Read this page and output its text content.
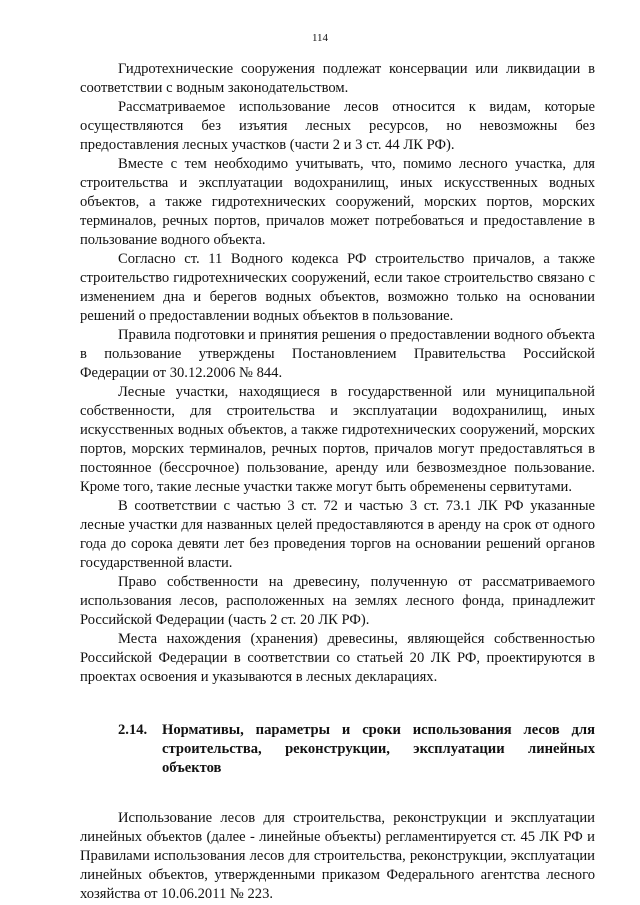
114

Гидротехнические сооружения подлежат консервации или ликвидации в соответствии с водным законодательством.

Рассматриваемое использование лесов относится к видам, которые осуществляются без изъятия лесных ресурсов, но невозможны без предоставления лесных участков (части 2 и 3 ст. 44 ЛК РФ).

Вместе с тем необходимо учитывать, что, помимо лесного участка, для строительства и эксплуатации водохранилищ, иных искусственных водных объектов, а также гидротехнических сооружений, морских портов, морских терминалов, речных портов, причалов может потребоваться и предоставление в пользование водного объекта.

Согласно ст. 11 Водного кодекса РФ строительство причалов, а также строительство гидротехнических сооружений, если такое строительство связано с изменением дна и берегов водных объектов, возможно только на основании решений о предоставлении водных объектов в пользование.

Правила подготовки и принятия решения о предоставлении водного объекта в пользование утверждены Постановлением Правительства Российской Федерации от 30.12.2006 № 844.

Лесные участки, находящиеся в государственной или муниципальной собственности, для строительства и эксплуатации водохранилищ, иных искусственных водных объектов, а также гидротехнических сооружений, морских портов, морских терминалов, речных портов, причалов могут предоставляться в постоянное (бессрочное) пользование, аренду или безвозмездное пользование. Кроме того, такие лесные участки также могут быть обременены сервитутами.

В соответствии с частью 3 ст. 72 и частью 3 ст. 73.1 ЛК РФ указанные лесные участки для названных целей предоставляются в аренду на срок от одного года до сорока девяти лет без проведения торгов на основании решений органов государственной власти.

Право собственности на древесину, полученную от рассматриваемого использования лесов, расположенных на землях лесного фонда, принадлежит Российской Федерации (часть 2 ст. 20 ЛК РФ).

Места нахождения (хранения) древесины, являющейся собственностью Российской Федерации в соответствии со статьей 20 ЛК РФ, проектируются в проектах освоения и указываются в лесных декларациях.

2.14.	Нормативы, параметры и сроки использования лесов для строительства, реконструкции, эксплуатации линейных объектов

Использование лесов для строительства, реконструкции и эксплуатации линейных объектов (далее - линейные объекты) регламентируется ст. 45 ЛК РФ и Правилами использования лесов для строительства, реконструкции, эксплуатации линейных объектов, утвержденными приказом Федерального агентства лесного хозяйства от 10.06.2011 № 223.
